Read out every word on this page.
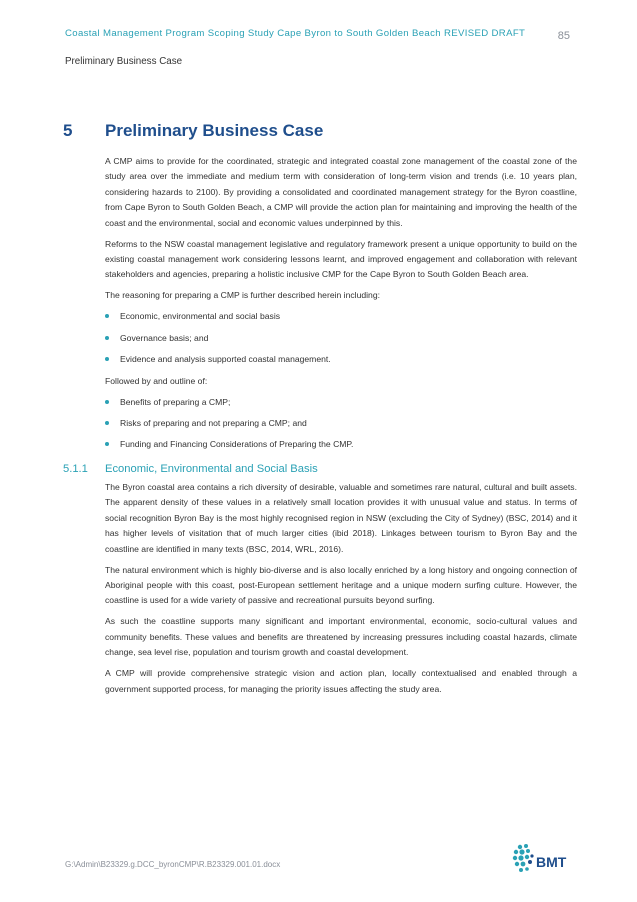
Coastal Management Program Scoping Study Cape Byron to South Golden Beach REVISED DRAFT	85
Preliminary Business Case
5 Preliminary Business Case

A CMP aims to provide for the coordinated, strategic and integrated coastal zone management of the coastal zone of the study area over the immediate and medium term with consideration of long-term vision and trends (i.e. 10 years plan, considering hazards to 2100). By providing a consolidated and coordinated management strategy for the Byron coastline, from Cape Byron to South Golden Beach, a CMP will provide the action plan for maintaining and improving the health of the coast and the environmental, social and economic values underpinned by this.

Reforms to the NSW coastal management legislative and regulatory framework present a unique opportunity to build on the existing coastal management work considering lessons learnt, and improved engagement and collaboration with relevant stakeholders and agencies, preparing a holistic inclusive CMP for the Cape Byron to South Golden Beach area.

The reasoning for preparing a CMP is further described herein including:

Economic, environmental and social basis
Governance basis; and
Evidence and analysis supported coastal management.

Followed by and outline of:

Benefits of preparing a CMP;
Risks of preparing and not preparing a CMP; and
Funding and Financing Considerations of Preparing the CMP.
5.1.1 Economic, Environmental and Social Basis

The Byron coastal area contains a rich diversity of desirable, valuable and sometimes rare natural, cultural and built assets. The apparent density of these values in a relatively small location provides it with unusual value and status. In terms of social recognition Byron Bay is the most highly recognised region in NSW (excluding the City of Sydney) (BSC, 2014) and it has higher levels of visitation that of much larger cities (ibid 2018). Linkages between tourism to Byron Bay and the coastline are identified in many texts (BSC, 2014, WRL, 2016).

The natural environment which is highly bio-diverse and is also locally enriched by a long history and ongoing connection of Aboriginal people with this coast, post-European settlement heritage and a unique modern surfing culture. However, the coastline is used for a wide variety of passive and recreational pursuits beyond surfing.

As such the coastline supports many significant and important environmental, economic, socio-cultural values and community benefits. These values and benefits are threatened by increasing pressures including coastal hazards, climate change, sea level rise, population and tourism growth and coastal development.

A CMP will provide comprehensive strategic vision and action plan, locally contextualised and enabled through a government supported process, for managing the priority issues affecting the study area.

G:\Admin\B23329.g.DCC_byronCMP\R.B23329.001.01.docx	BMT
